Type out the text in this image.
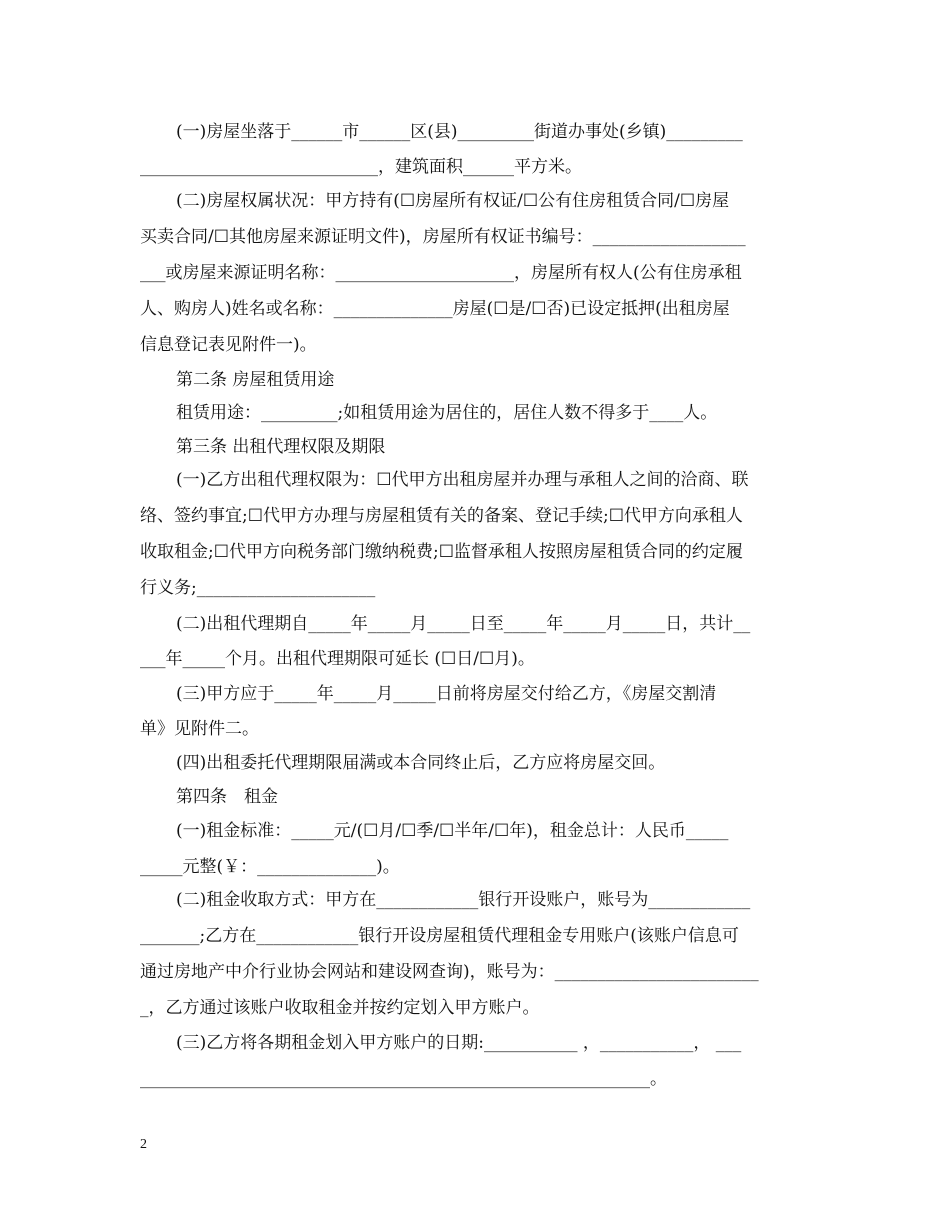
(一)房屋坐落于______市______区(县)_________街道办事处(乡镇)_________
____________________________，建筑面积______平方米。
(二)房屋权属状况：甲方持有(☐房屋所有权证/☐公有住房租赁合同/☐房屋
买卖合同/☐其他房屋来源证明文件)，房屋所有权证书编号：__________________
___或房屋来源证明名称：_____________________，房屋所有权人(公有住房承租
人、购房人)姓名或名称：______________房屋(☐是/☐否)已设定抵押(出租房屋
信息登记表见附件一)。
第二条 房屋租赁用途
租赁用途：_________;如租赁用途为居住的，居住人数不得多于____人。
第三条 出租代理权限及期限
(一)乙方出租代理权限为：☐代甲方出租房屋并办理与承租人之间的洽商、联
络、签约事宜;☐代甲方办理与房屋租赁有关的备案、登记手续;☐代甲方向承租人
收取租金;☐代甲方向税务部门缴纳税费;☐监督承租人按照房屋租赁合同的约定履
行义务;_____________________
(二)出租代理期自_____年_____月_____日至_____年_____月_____日，共计__
___年_____个月。出租代理期限可延长 (☐日/☐月)。
(三)甲方应于_____年_____月_____日前将房屋交付给乙方，《房屋交割清
单》见附件二。
(四)出租委托代理期限届满或本合同终止后，乙方应将房屋交回。
第四条　租金
(一)租金标准：_____元/(☐月/☐季/☐半年/☐年)，租金总计：人民币_____
_____元整(￥：______________)。
(二)租金收取方式：甲方在____________银行开设账户，账号为____________
_______;乙方在____________银行开设房屋租赁代理租金专用账户(该账户信息可
通过房地产中介行业协会网站和建设网查询)，账号为：________________________
_，乙方通过该账户收取租金并按约定划入甲方账户。
(三)乙方将各期租金划入甲方账户的日期:___________ ，___________， ___
____________________________________________________________。
2
